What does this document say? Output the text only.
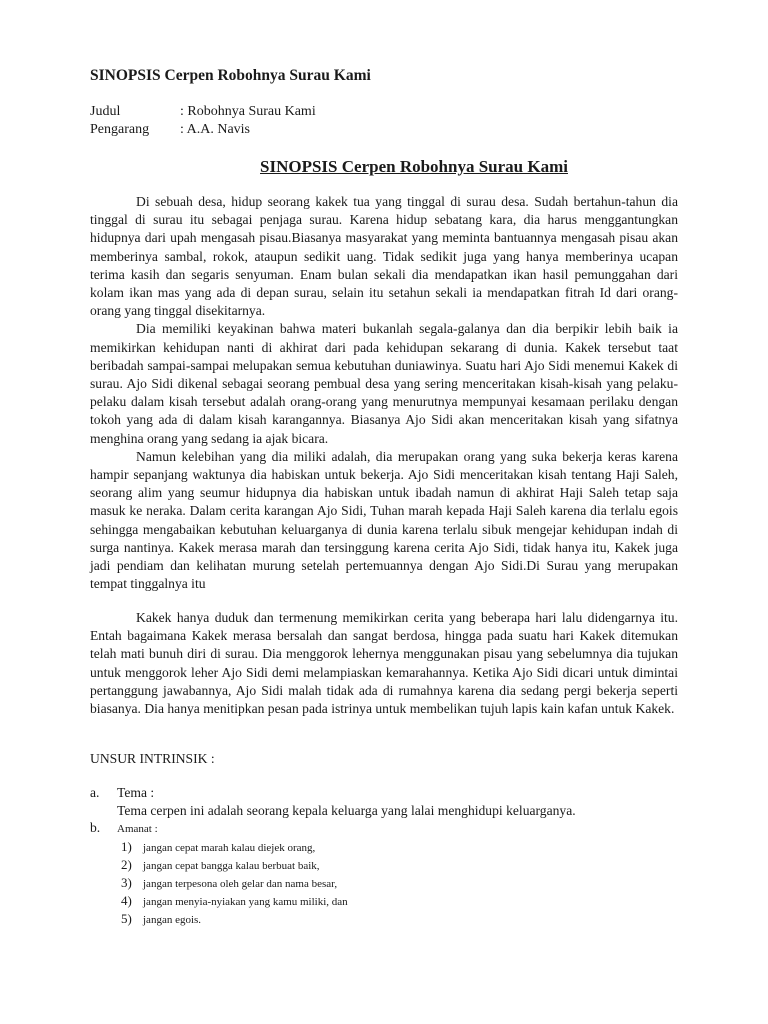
SINOPSIS Cerpen Robohnya Surau Kami
Judul	: Robohnya Surau Kami
Pengarang : A.A. Navis
SINOPSIS Cerpen Robohnya Surau Kami

Di sebuah desa, hidup seorang kakek tua yang tinggal di surau desa. Sudah bertahun-tahun dia tinggal di surau itu sebagai penjaga surau. Karena hidup sebatang kara, dia harus menggantungkan hidupnya dari upah mengasah pisau.Biasanya masyarakat yang meminta bantuannya mengasah pisau akan memberinya sambal, rokok, ataupun sedikit uang. Tidak sedikit juga yang hanya memberinya ucapan terima kasih dan segaris senyuman. Enam bulan sekali dia mendapatkan ikan hasil pemunggahan dari kolam ikan mas yang ada di depan surau, selain itu setahun sekali ia mendapatkan fitrah Id dari orang-orang yang tinggal disekitarnya.

Dia memiliki keyakinan bahwa materi bukanlah segala-galanya dan dia berpikir lebih baik ia memikirkan kehidupan nanti di akhirat dari pada kehidupan sekarang di dunia. Kakek tersebut taat beribadah sampai-sampai melupakan semua kebutuhan duniawinya. Suatu hari Ajo Sidi menemui Kakek di surau. Ajo Sidi dikenal sebagai seorang pembual desa yang sering menceritakan kisah-kisah yang pelaku-pelaku dalam kisah tersebut adalah orang-orang yang menurutnya mempunyai kesamaan perilaku dengan tokoh yang ada di dalam kisah karangannya. Biasanya Ajo Sidi akan menceritakan kisah yang sifatnya menghina orang yang sedang ia ajak bicara.

Namun kelebihan yang dia miliki adalah, dia merupakan orang yang suka bekerja keras karena hampir sepanjang waktunya dia habiskan untuk bekerja. Ajo Sidi menceritakan kisah tentang Haji Saleh, seorang alim yang seumur hidupnya dia habiskan untuk ibadah namun di akhirat Haji Saleh tetap saja masuk ke neraka. Dalam cerita karangan Ajo Sidi, Tuhan marah kepada Haji Saleh karena dia terlalu egois sehingga mengabaikan kebutuhan keluarganya di dunia karena terlalu sibuk mengejar kehidupan indah di surga nantinya. Kakek merasa marah dan tersinggung karena cerita Ajo Sidi, tidak hanya itu, Kakek juga jadi pendiam dan kelihatan murung setelah pertemuannya dengan Ajo Sidi.Di Surau yang merupakan tempat tinggalnya itu

Kakek hanya duduk dan termenung memikirkan cerita yang beberapa hari lalu didengarnya itu. Entah bagaimana Kakek merasa bersalah dan sangat berdosa, hingga pada suatu hari Kakek ditemukan telah mati bunuh diri di surau. Dia menggorok lehernya menggunakan pisau yang sebelumnya dia tujukan untuk menggorok leher Ajo Sidi demi melampiaskan kemarahannya. Ketika Ajo Sidi dicari untuk dimintai pertanggung jawabannya, Ajo Sidi malah tidak ada di rumahnya karena dia sedang pergi bekerja seperti biasanya. Dia hanya menitipkan pesan pada istrinya untuk membelikan tujuh lapis kain kafan untuk Kakek.

UNSUR INTRINSIK :
a. Tema :
Tema cerpen ini adalah seorang kepala keluarga yang lalai menghidupi keluarganya.
b. Amanat :
1) jangan cepat marah kalau diejek orang,
2) jangan cepat bangga kalau berbuat baik,
3) jangan terpesona oleh gelar dan nama besar,
4) jangan menyia-nyiakan yang kamu miliki, dan
5) jangan egois.
